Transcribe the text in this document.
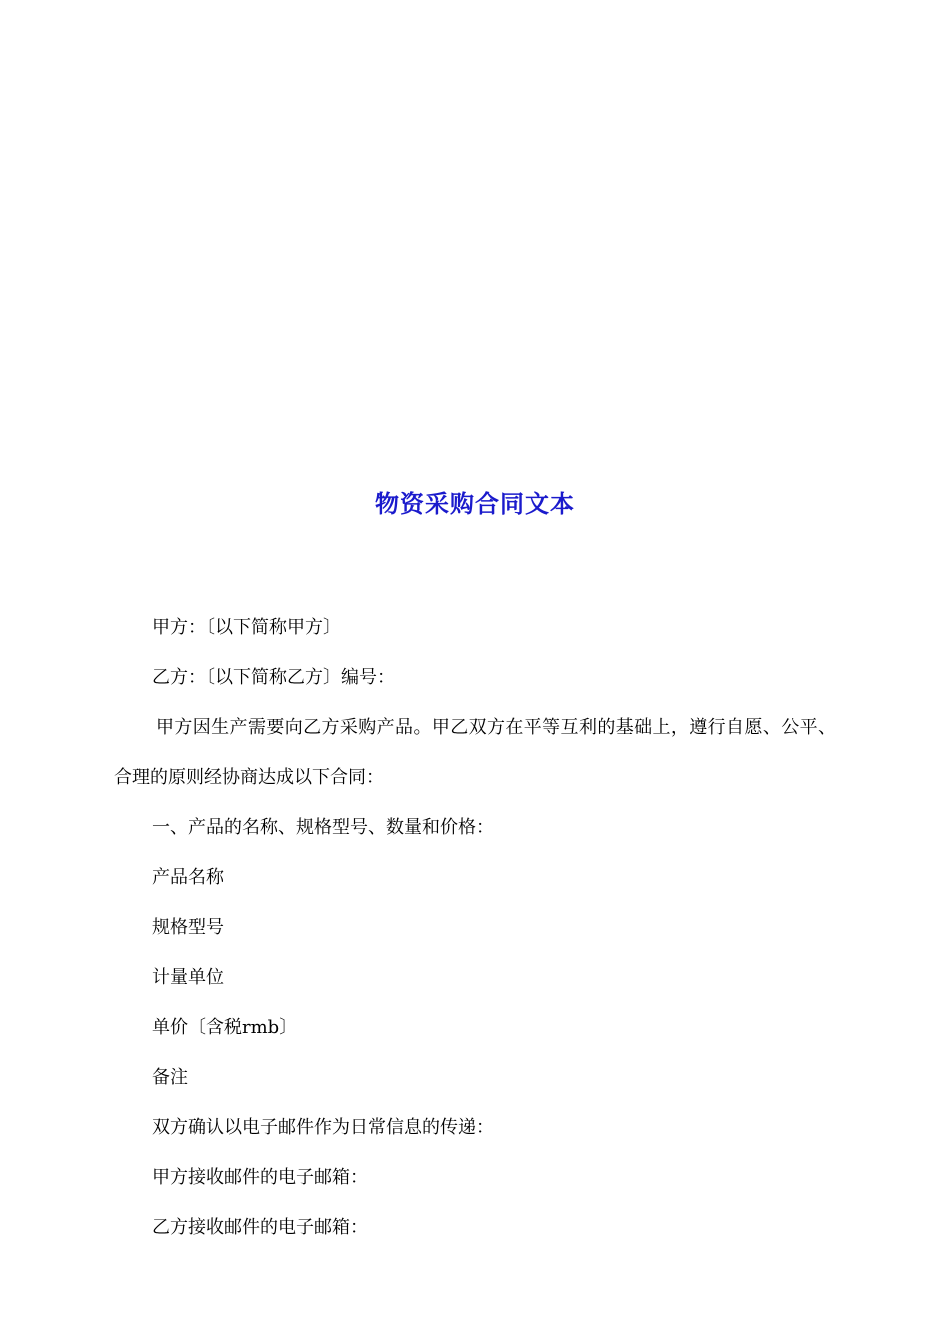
物资采购合同文本

甲方：〔以下简称甲方〕

乙方：〔以下简称乙方〕编号：

甲方因生产需要向乙方采购产品。甲乙双方在平等互利的基础上，遵行自愿、公平、合理的原则经协商达成以下合同：

一、产品的名称、规格型号、数量和价格：

产品名称

规格型号

计量单位

单价〔含税rmb〕

备注

双方确认以电子邮件作为日常信息的传递：

甲方接收邮件的电子邮箱：

乙方接收邮件的电子邮箱：
